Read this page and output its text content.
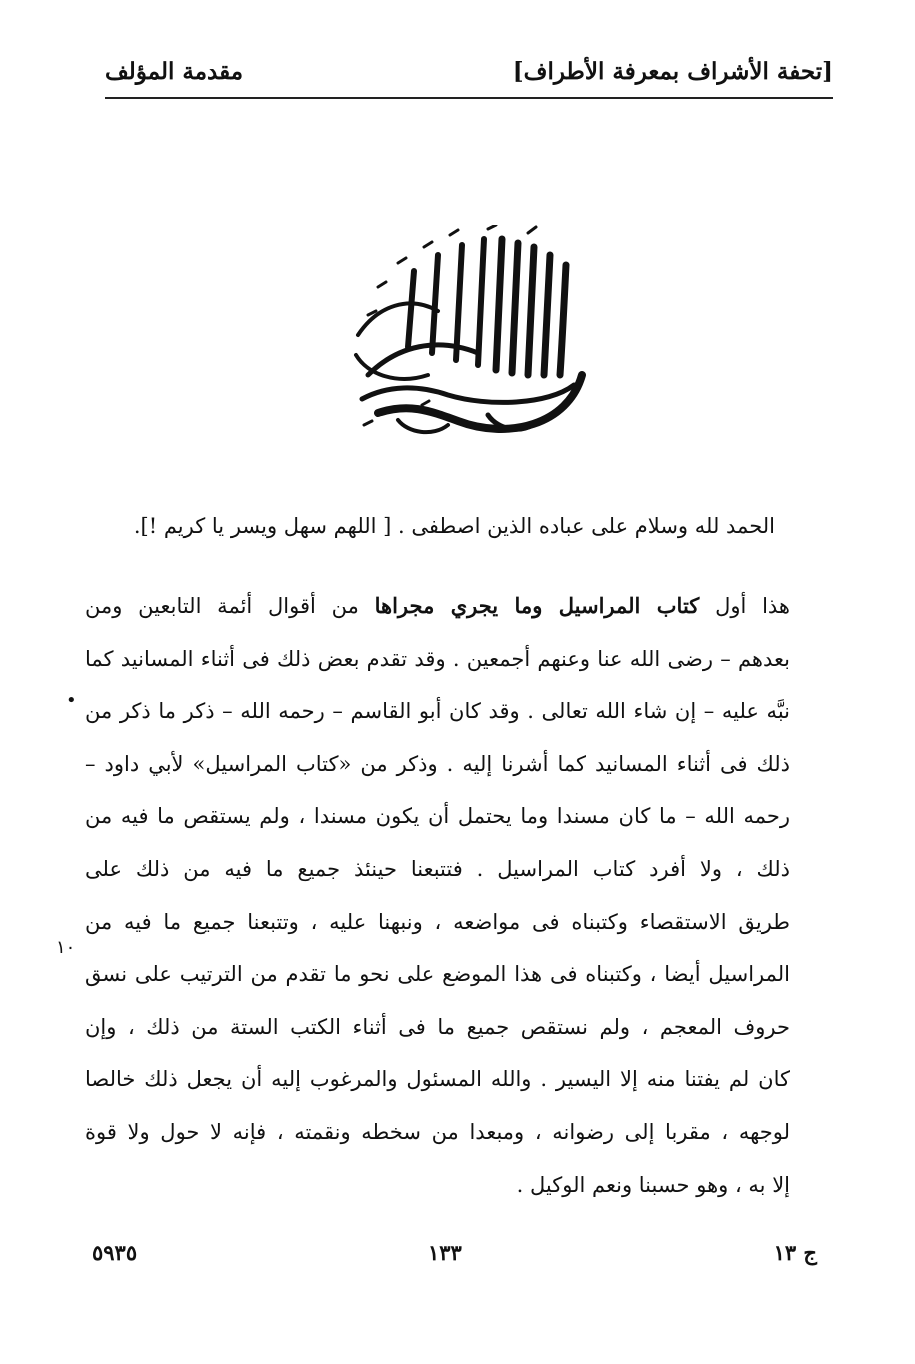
[تحفة الأشراف بمعرفة الأطراف]
مقدمة المؤلف
الحمد لله وسلام على عباده الذين اصطفى . [ اللهم سهل ويسر يا كريم !].
هذا أول كتاب المراسيل وما يجري مجراها من أقوال أئمة التابعين ومن
بعدهم – رضى الله عنا وعنهم أجمعين . وقد تقدم بعض ذلك فى أثناء المسانيد كما
نبَّه عليه – إن شاء الله تعالى . وقد كان أبو القاسم – رحمه الله – ذكر ما ذكر من
ذلك فى أثناء المسانيد كما أشرنا إليه . وذكر من «كتاب المراسيل» لأبي داود –
رحمه الله – ما كان مسندا وما يحتمل أن يكون مسندا ، ولم يستقص ما فيه من
ذلك ، ولا أفرد كتاب المراسيل . فتتبعنا حينئذ جميع ما فيه من ذلك على
طريق الاستقصاء وكتبناه فى مواضعه ، ونبهنا عليه ، وتتبعنا جميع ما فيه من
المراسيل أيضا ، وكتبناه فى هذا الموضع على نحو ما تقدم من الترتيب على نسق
حروف المعجم ، ولم نستقص جميع ما فى أثناء الكتب الستة من ذلك ، وإن
كان لم يفتنا منه إلا اليسير . والله المسئول والمرغوب إليه أن يجعل ذلك خالصا
لوجهه ، مقربا إلى رضوانه ، ومبعدا من سخطه ونقمته ، فإنه لا حول ولا قوة
إلا به ، وهو حسبنا ونعم الوكيل .
•
١٠
ج ١٣
١٣٣
٥٩٣٥
